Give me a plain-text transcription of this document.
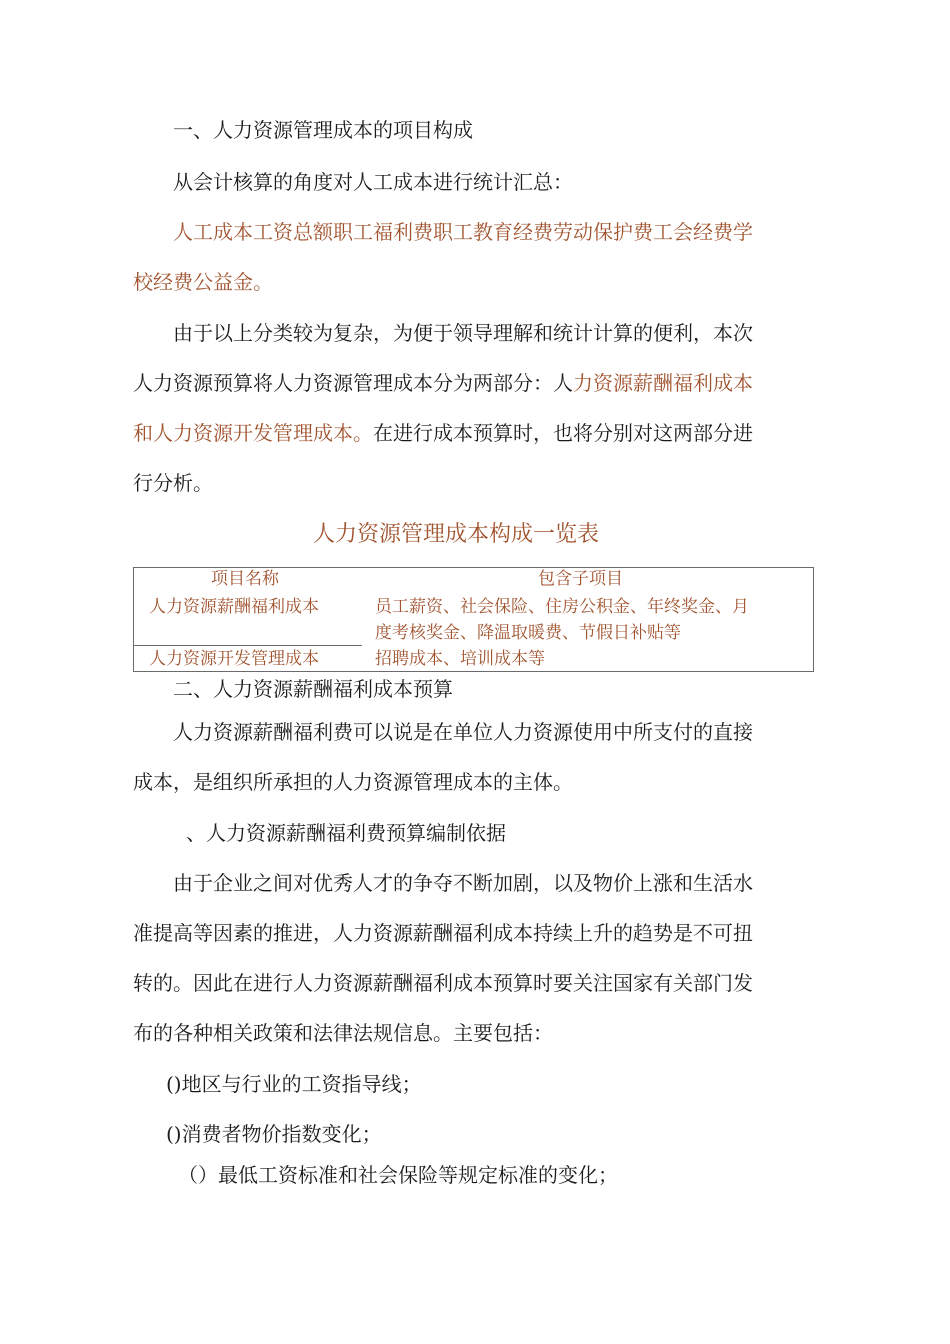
一、人力资源管理成本的项目构成
从会计核算的角度对人工成本进行统计汇总：
人工成本工资总额职工福利费职工教育经费劳动保护费工会经费学
校经费公益金。
由于以上分类较为复杂，为便于领导理解和统计计算的便利，本次
人力资源预算将人力资源管理成本分为两部分：人力资源薪酬福利成本
和人力资源开发管理成本。在进行成本预算时，也将分别对这两部分进
行分析。
人力资源管理成本构成一览表
项目名称	包含子项目
人力资源薪酬福利成本	员工薪资、社会保险、住房公积金、年终奖金、月
度考核奖金、降温取暖费、节假日补贴等
人力资源开发管理成本	招聘成本、培训成本等
二、人力资源薪酬福利成本预算
人力资源薪酬福利费可以说是在单位人力资源使用中所支付的直接
成本，是组织所承担的人力资源管理成本的主体。
、人力资源薪酬福利费预算编制依据
由于企业之间对优秀人才的争夺不断加剧，以及物价上涨和生活水
准提高等因素的推进，人力资源薪酬福利成本持续上升的趋势是不可扭
转的。因此在进行人力资源薪酬福利成本预算时要关注国家有关部门发
布的各种相关政策和法律法规信息。主要包括：
()地区与行业的工资指导线；
()消费者物价指数变化；
（）最低工资标准和社会保险等规定标准的变化；
